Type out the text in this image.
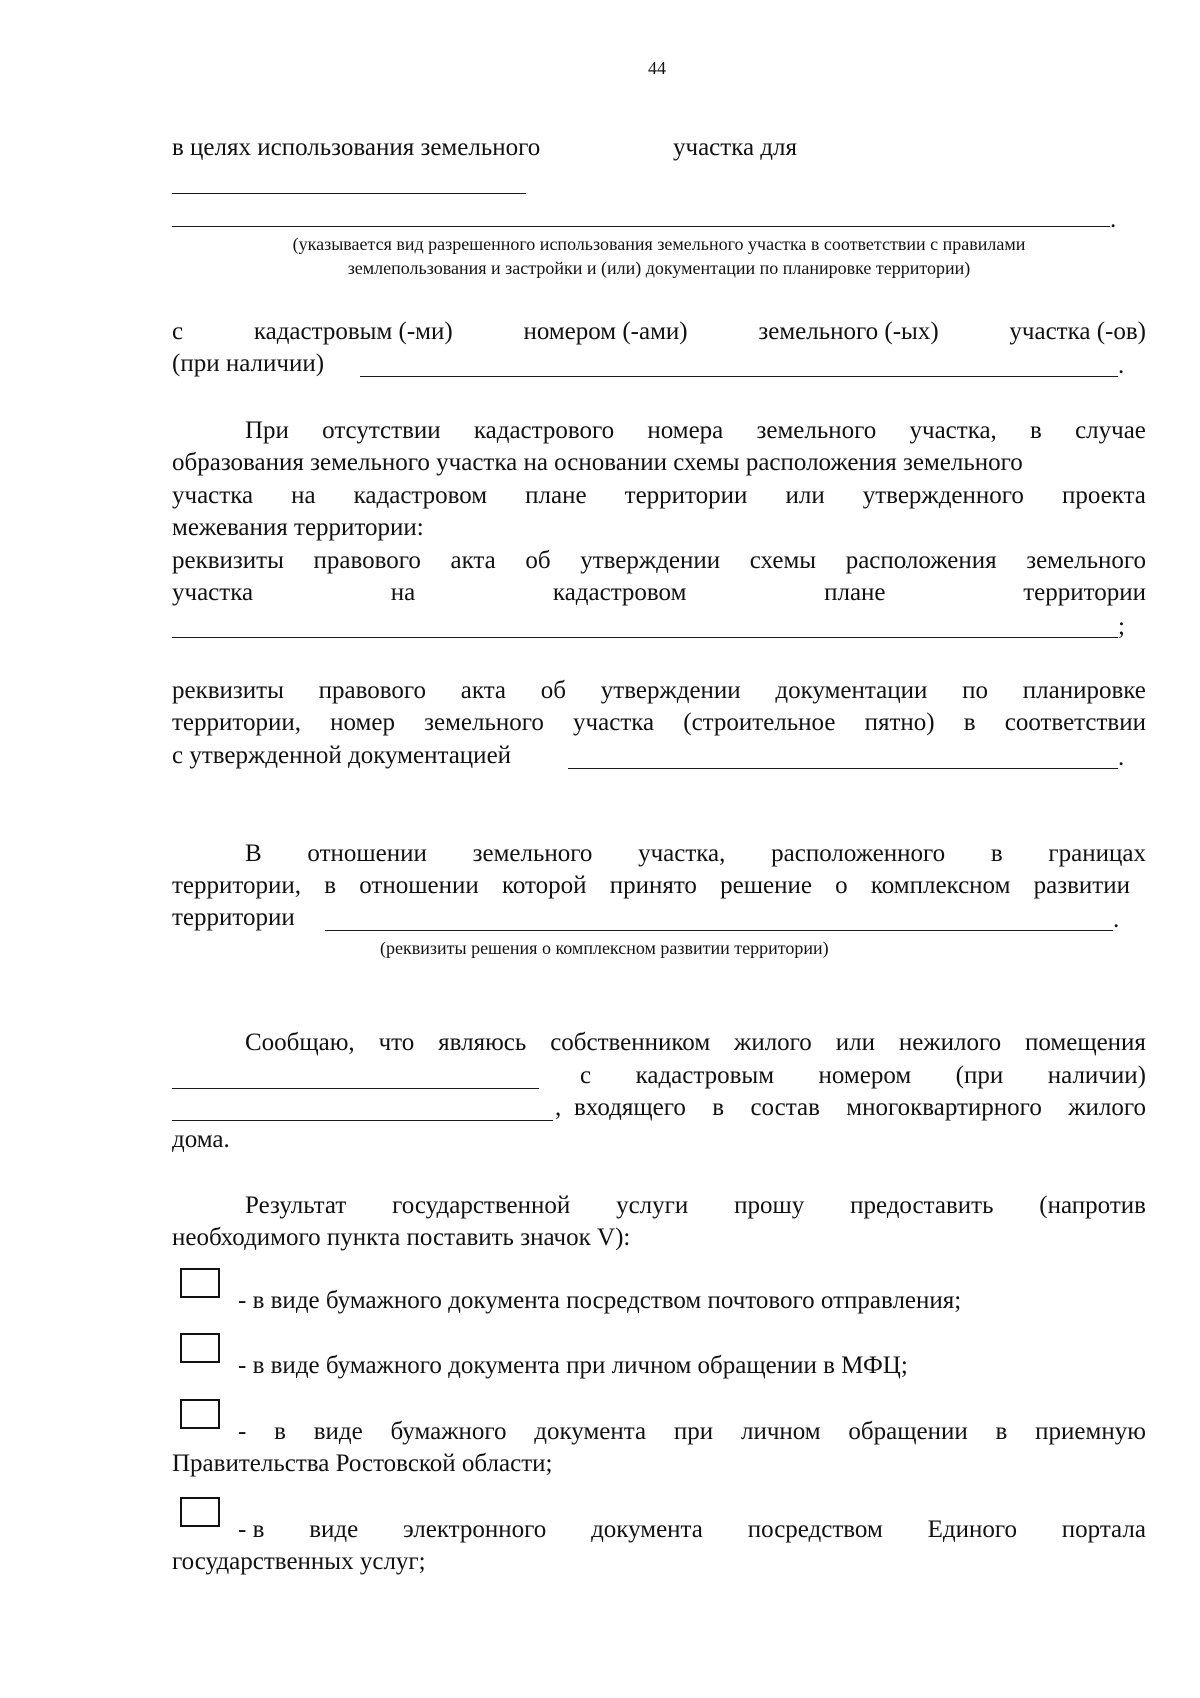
44
в целях использования земельного	участка для
.
(указывается вид разрешенного использования земельного участка в соответствии с правилами
землепользования и застройки и (или) документации по планировке территории)
с	кадастровым (-ми)	номером (-ами)	земельного (-ых)	участка (-ов)
(при наличии)	.
При отсутствии кадастрового номера земельного участка, в случае
образования земельного участка на основании схемы расположения земельного
участка на кадастровом плане территории или утвержденного проекта
межевания территории:
реквизиты правового акта об утверждении схемы расположения земельного
участка	на	кадастровом	плане	территории
;
реквизиты правового акта об утверждении документации по планировке
территории, номер земельного участка (строительное пятно) в соответствии
с утвержденной документацией	.
В отношении земельного участка, расположенного в границах
территории, в отношении которой принято решение о комплексном развитии
территории	.
(реквизиты решения о комплексном развитии территории)
Сообщаю, что являюсь собственником жилого или нежилого помещения
с кадастровым номером (при наличии)
, входящего в состав многоквартирного жилого
дома.
Результат государственной услуги прошу предоставить (напротив
необходимого пункта поставить значок V):
- в виде бумажного документа посредством почтового отправления;
- в виде бумажного документа при личном обращении в МФЦ;
- в виде бумажного документа при личном обращении в приемную
Правительства Ростовской области;
- в виде электронного документа посредством Единого портала
государственных услуг;
